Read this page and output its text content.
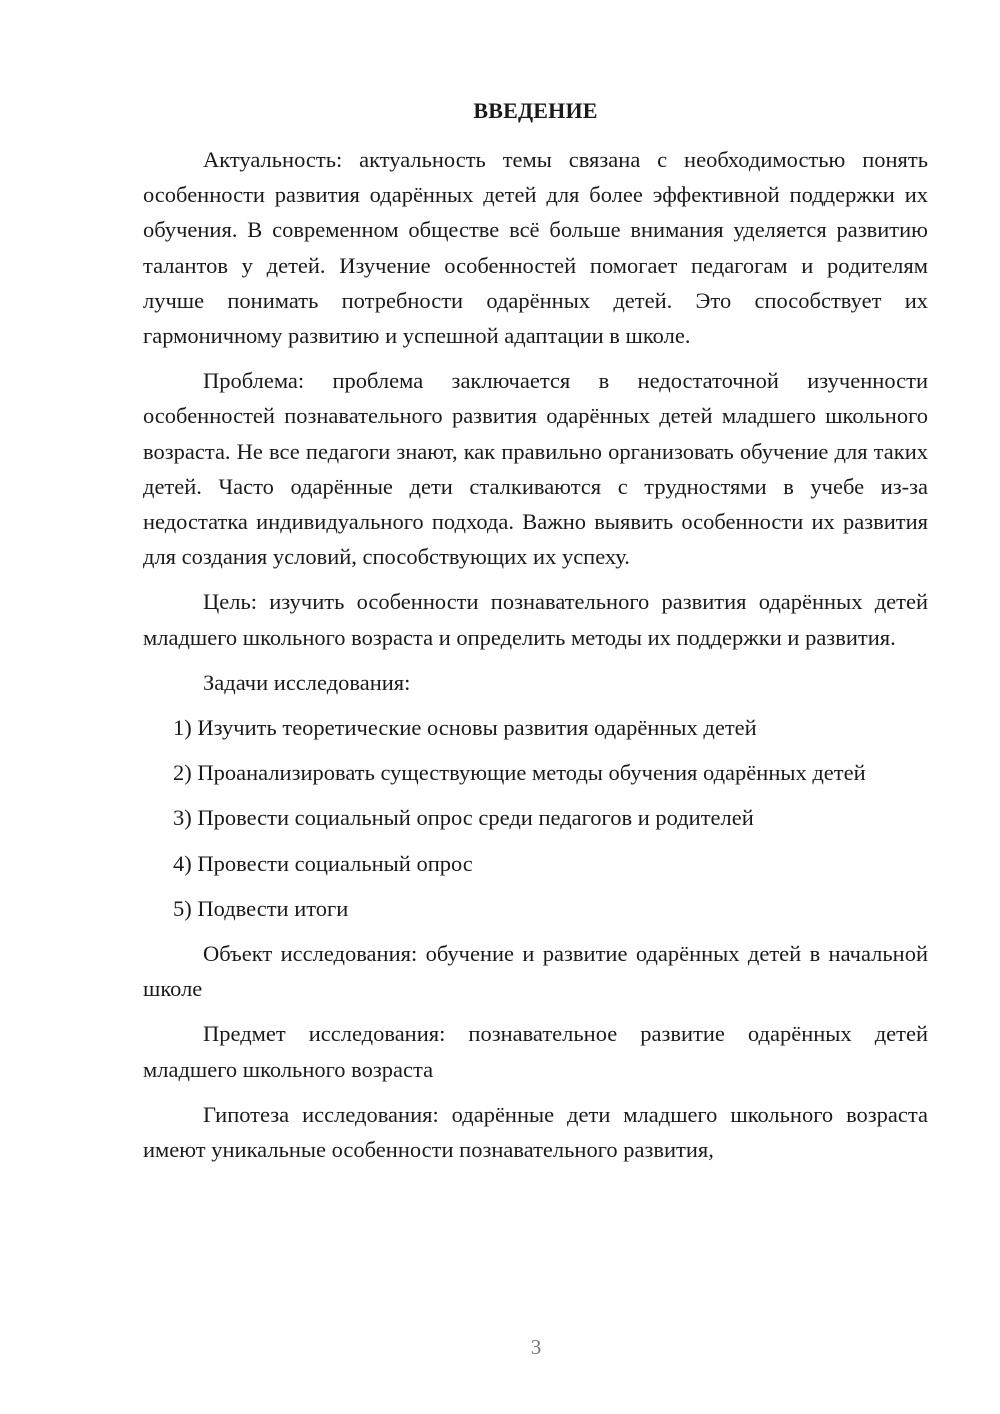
ВВЕДЕНИЕ

Актуальность: актуальность темы связана с необходимостью понять особенности развития одарённых детей для более эффективной поддержки их обучения. В современном обществе всё больше внимания уделяется развитию талантов у детей. Изучение особенностей помогает педагогам и родителям лучше понимать потребности одарённых детей. Это способствует их гармоничному развитию и успешной адаптации в школе.

Проблема: проблема заключается в недостаточной изученности особенностей познавательного развития одарённых детей младшего школьного возраста. Не все педагоги знают, как правильно организовать обучение для таких детей. Часто одарённые дети сталкиваются с трудностями в учебе из-за недостатка индивидуального подхода. Важно выявить особенности их развития для создания условий, способствующих их успеху.

Цель: изучить особенности познавательного развития одарённых детей младшего школьного возраста и определить методы их поддержки и развития.

Задачи исследования:

1) Изучить теоретические основы развития одарённых детей

2) Проанализировать существующие методы обучения одарённых детей

3) Провести социальный опрос среди педагогов и родителей

4) Провести социальный опрос

5) Подвести итоги

Объект исследования: обучение и развитие одарённых детей в начальной школе

Предмет исследования: познавательное развитие одарённых детей младшего школьного возраста

Гипотеза исследования: одарённые дети младшего школьного возраста имеют уникальные особенности познавательного развития,

3
